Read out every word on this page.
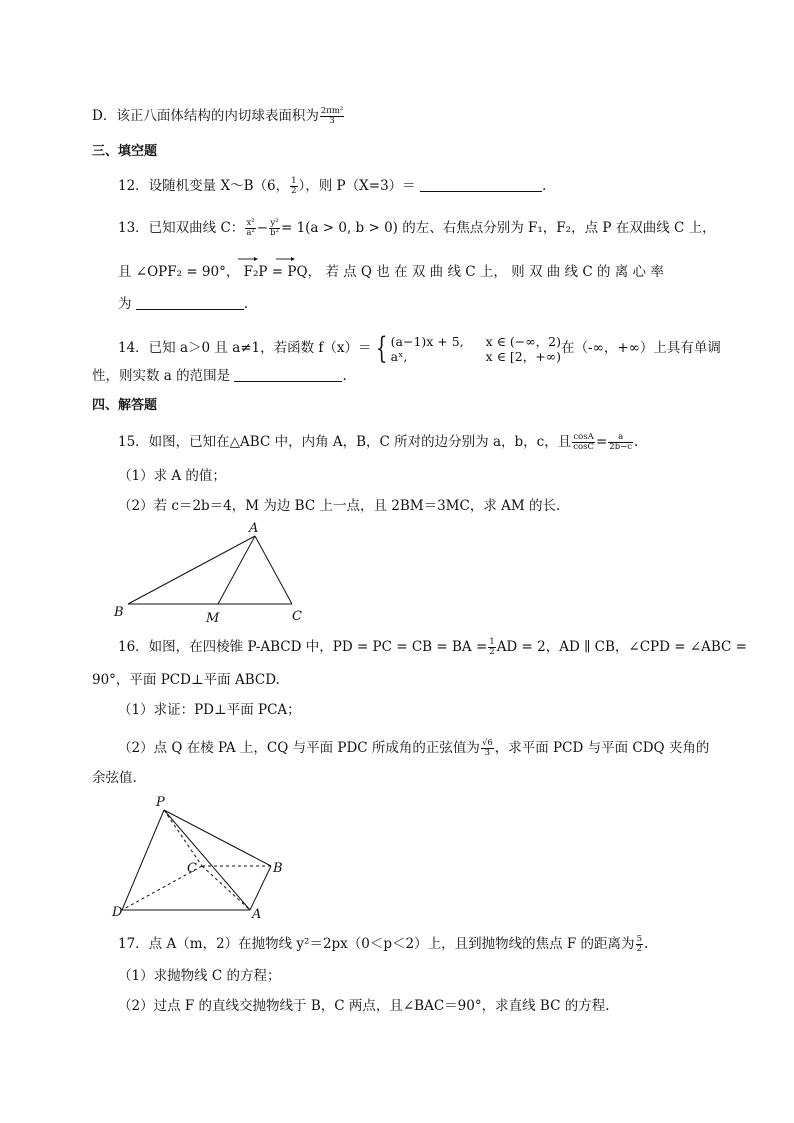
D．该正八面体结构的内切球表面积为 $\frac{\text{2πm²}}{3}$
三、填空题
12．设随机变量 X～B（6， $\frac{1}{2}$ ），则 P（X=3）＝	.
13．已知双曲线 C： $\frac{\text{x²}}{\text{a²}} - \frac{\text{y²}}{\text{b²}} = 1(a > 0$, b > 0) 的左、右焦点分别为 F₁，F₂，点 P 在双曲线 C 上，
且 ∠OPF₂ = 90°， F₂P = PQ， 若 点 Q 也 在 双 曲 线 C 上， 则 双 曲 线 C 的 离 心 率
为	.
14．已知 a＞0 且 a≠1，若函数 f（x）＝ { (a−1)x + 5,
aˣ,
x ∈ (−∞，2)
x ∈ [2，+∞) 在（-∞，+∞）上具有单调
性，则实数 a 的范围是	.
四、解答题
15．如图，已知在△ABC 中，内角 A，B，C 所对的边分别为 a，b，c，且 $\frac{\cos A}{\cos C} = \frac{a}{2b-c}$ .
（1）求 A 的值；
（2）若 c＝2b＝4，M 为边 BC 上一点，且 2BM＝3MC，求 AM 的长.
A
B	M	C
16．如图，在四棱锥 P-ABCD 中，PD = PC = CB = BA = $\frac{1}{2}$ AD = 2，AD ∥ CB，∠CPD = ∠ABC =
90°，平面 PCD⊥平面 ABCD.
（1）求证：PD⊥平面 PCA；
（2）点 Q 在棱 PA 上，CQ 与平面 PDC 所成角的正弦值为 $\frac{√6}{3}$ ，求平面 PCD 与平面 CDQ 夹角的
余弦值.
P
C	B
D	A
17．点 A（m，2）在抛物线 y²＝2px（0＜p＜2）上，且到抛物线的焦点 F 的距离为 $\frac{5}{2}$ .
（1）求抛物线 C 的方程；
（2）过点 F 的直线交抛物线于 B，C 两点，且∠BAC＝90°，求直线 BC 的方程.
